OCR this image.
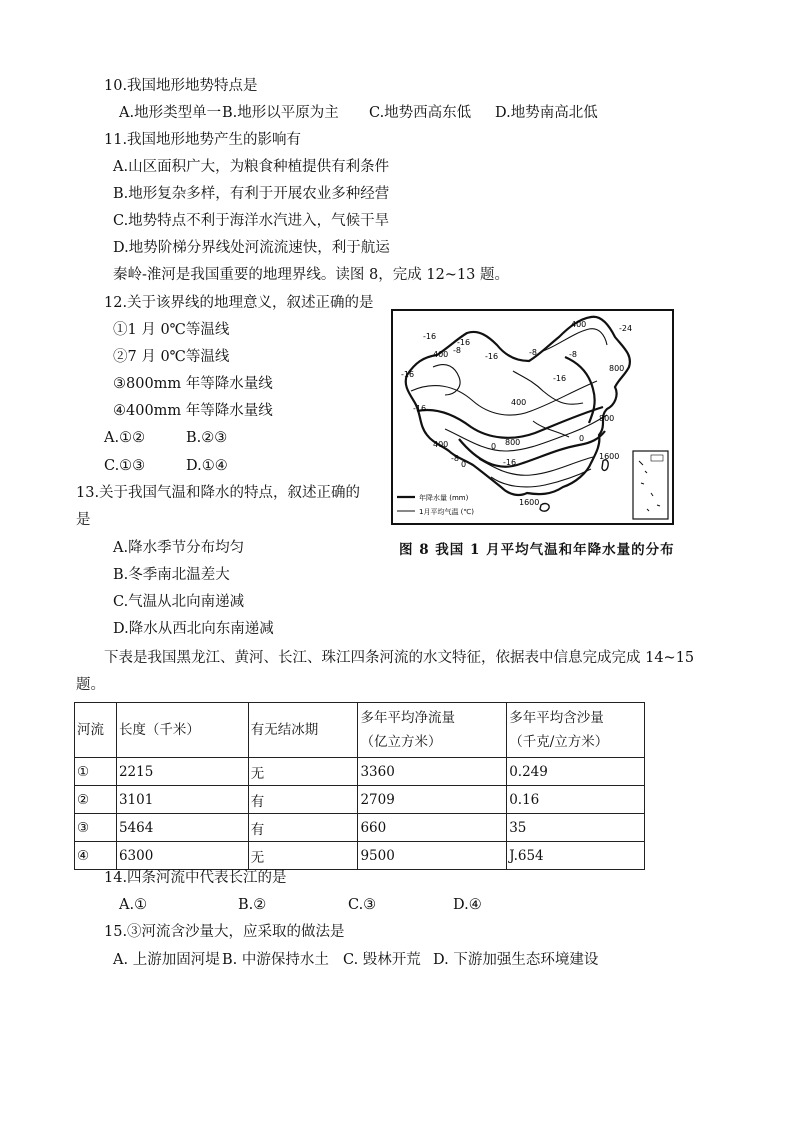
10.我国地形地势特点是
A.地形类型单一 B.地形以平原为主 C.地势西高东低 D.地势南高北低
11.我国地形地势产生的影响有
A.山区面积广大，为粮食种植提供有利条件
B.地形复杂多样，有利于开展农业多种经营
C.地势特点不利于海洋水汽进入，气候干旱
D.地势阶梯分界线处河流流速快，利于航运
秦岭-淮河是我国重要的地理界线。读图 8，完成 12~13 题。
12.关于该界线的地理意义，叙述正确的是
①1 月 0℃等温线
②7 月 0℃等温线
③800mm 年等降水量线
④400mm 年等降水量线
A.①②	B.②③
C.①③	D.①④
13.关于我国气温和降水的特点，叙述正确的
是
A.降水季节分布均匀
B.冬季南北温差大
C.气温从北向南递减
D.降水从西北向东南递减
-16
-16
400 -8
-16
400	-24
-16
800
-16
400
800
400
-8
0
0 800	0
1600
1600
-8
-16
-8
-16
年降水量 (mm)
1月平均气温 (℃)
图 8 我国 1 月平均气温和年降水量的分布
下表是我国黑龙江、黄河、长江、珠江四条河流的水文特征，依据表中信息完成完成 14~15
题。
河流	长度（千米）	有无结冰期	多年平均净流量
（亿立方米）	多年平均含沙量
（千克/立方米）
①	2215	无	3360	0.249
②	3101	有	2709	0.16
③	5464	有	660	35
④	6300	无	9500	J.654
14.四条河流中代表长江的是
A.①	B.②	C.③	D.④
15.③河流含沙量大，应采取的做法是
A. 上游加固河堤 B. 中游保持水土 C. 毁林开荒 D. 下游加强生态环境建设
